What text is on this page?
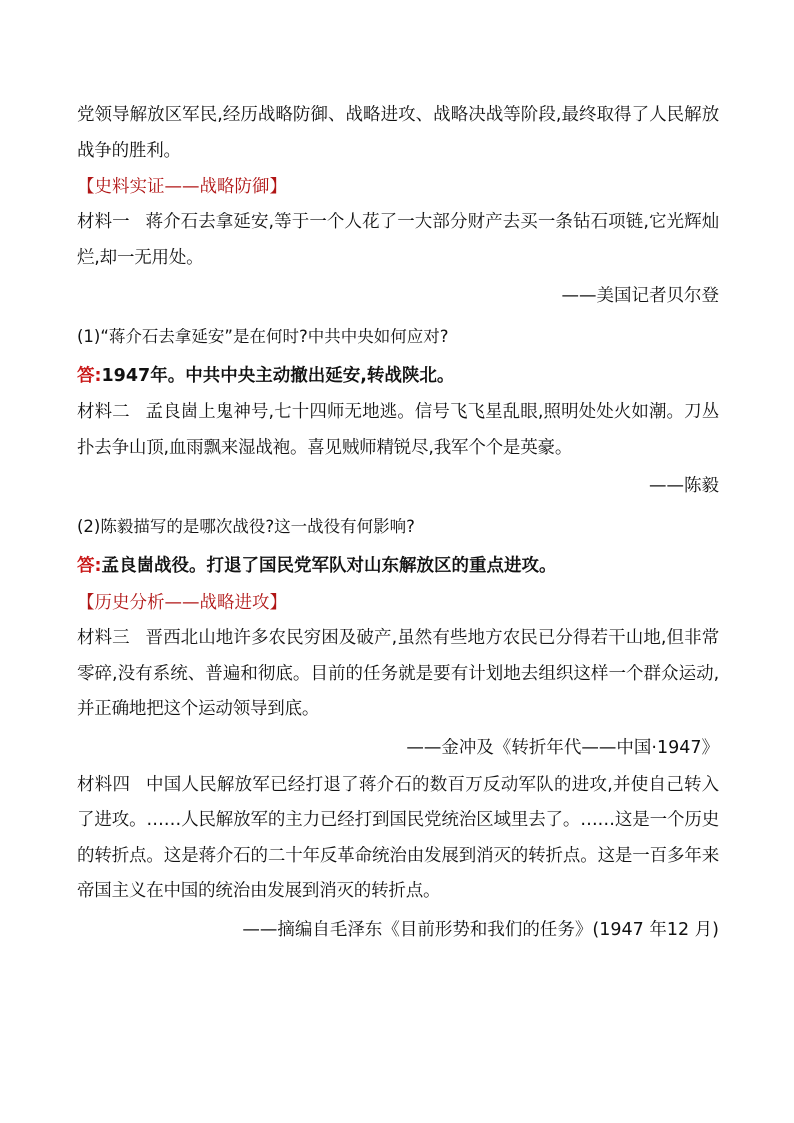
党领导解放区军民,经历战略防御、战略进攻、战略决战等阶段,最终取得了人民解放战争的胜利。

【史料实证——战略防御】

材料一 蒋介石去拿延安,等于一个人花了一大部分财产去买一条钻石项链,它光辉灿烂,却一无用处。

——美国记者贝尔登

(1)“蒋介石去拿延安”是在何时?中共中央如何应对?

答:1947年。中共中央主动撤出延安,转战陕北。

材料二 孟良崮上鬼神号,七十四师无地逃。信号飞飞星乱眼,照明处处火如潮。刀丛扑去争山顶,血雨飘来湿战袍。喜见贼师精锐尽,我军个个是英豪。

——陈毅

(2)陈毅描写的是哪次战役?这一战役有何影响?

答:孟良崮战役。打退了国民党军队对山东解放区的重点进攻。

【历史分析——战略进攻】

材料三 晋西北山地许多农民穷困及破产,虽然有些地方农民已分得若干山地,但非常零碎,没有系统、普遍和彻底。目前的任务就是要有计划地去组织这样一个群众运动,并正确地把这个运动领导到底。

——金冲及《转折年代——中国·1947》

材料四 中国人民解放军已经打退了蒋介石的数百万反动军队的进攻,并使自己转入了进攻。……人民解放军的主力已经打到国民党统治区域里去了。……这是一个历史的转折点。这是蒋介石的二十年反革命统治由发展到消灭的转折点。这是一百多年来帝国主义在中国的统治由发展到消灭的转折点。

——摘编自毛泽东《目前形势和我们的任务》(1947 年12 月)
